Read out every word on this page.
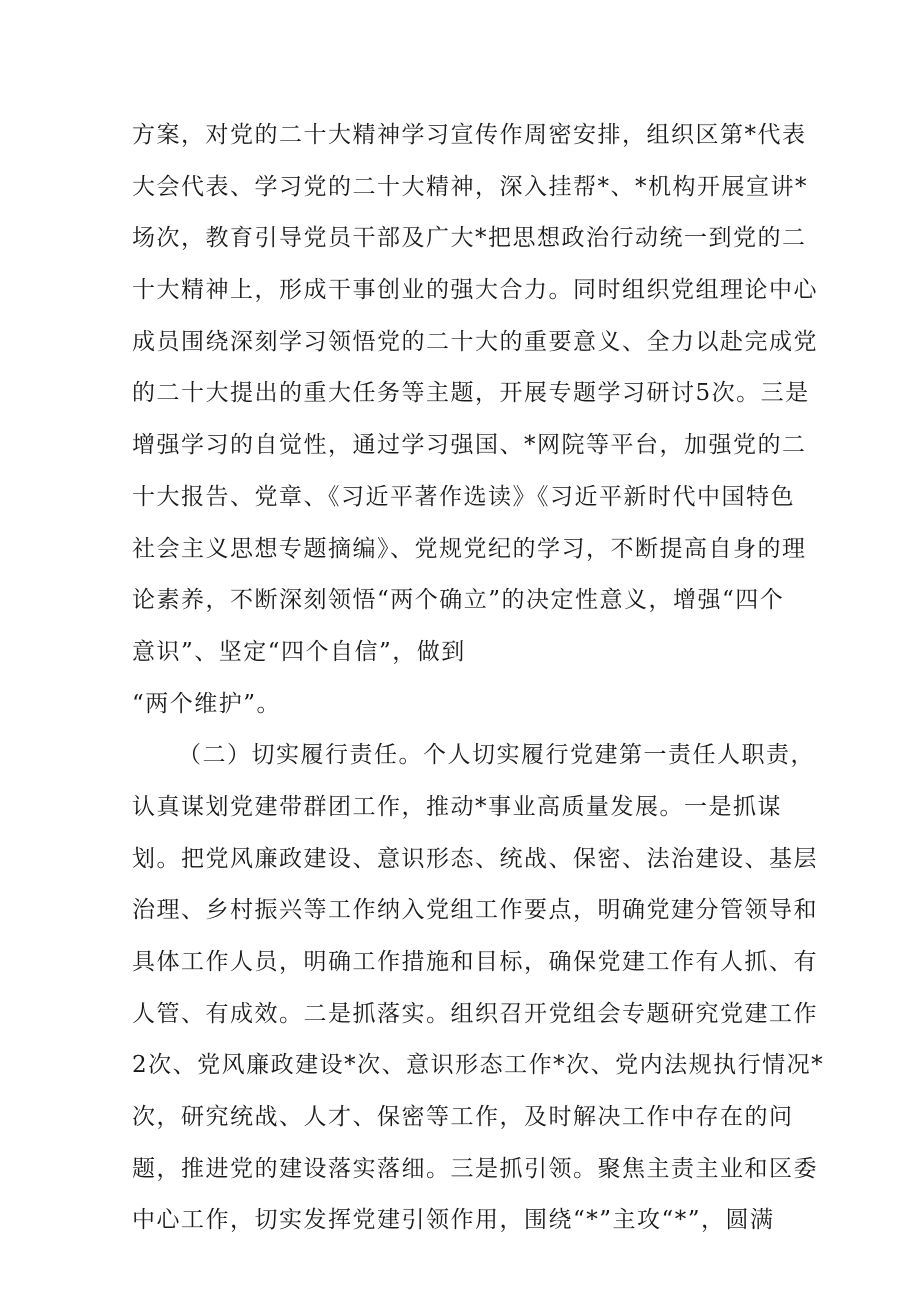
方案，对党的二十大精神学习宣传作周密安排，组织区第*代表
大会代表、学习党的二十大精神，深入挂帮*、*机构开展宣讲*
场次，教育引导党员干部及广大*把思想政治行动统一到党的二
十大精神上，形成干事创业的强大合力。同时组织党组理论中心
成员围绕深刻学习领悟党的二十大的重要意义、全力以赴完成党
的二十大提出的重大任务等主题，开展专题学习研讨5次。三是
增强学习的自觉性，通过学习强国、*网院等平台，加强党的二
十大报告、党章、《习近平著作选读》《习近平新时代中国特色
社会主义思想专题摘编》、党规党纪的学习，不断提高自身的理
论素养，不断深刻领悟“两个确立”的决定性意义，增强“四个
意识”、坚定“四个自信”，做到
“两个维护”。
（二）切实履行责任。个人切实履行党建第一责任人职责，
认真谋划党建带群团工作，推动*事业高质量发展。一是抓谋
划。把党风廉政建设、意识形态、统战、保密、法治建设、基层
治理、乡村振兴等工作纳入党组工作要点，明确党建分管领导和
具体工作人员，明确工作措施和目标，确保党建工作有人抓、有
人管、有成效。二是抓落实。组织召开党组会专题研究党建工作
2次、党风廉政建设*次、意识形态工作*次、党内法规执行情况*
次，研究统战、人才、保密等工作，及时解决工作中存在的问
题，推进党的建设落实落细。三是抓引领。聚焦主责主业和区委
中心工作，切实发挥党建引领作用，围绕“*”主攻“*”，圆满
